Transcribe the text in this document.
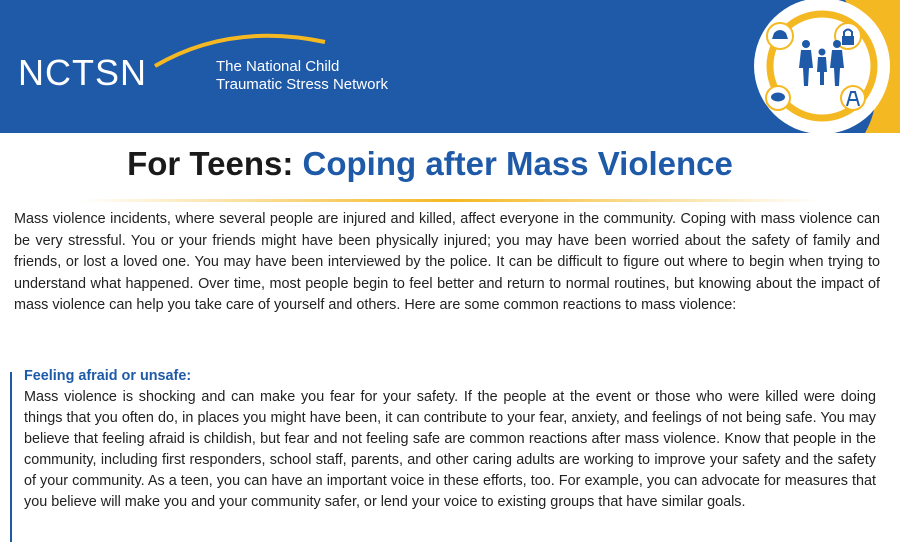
NCTSN	The National Child
Traumatic Stress Network
For Teens: Coping after Mass Violence
Mass violence incidents, where several people are injured and killed, affect everyone in the community. Coping with mass violence can be very stressful. You or your friends might have been physically injured; you may have been worried about the safety of family and friends, or lost a loved one. You may have been interviewed by the police. It can be difficult to figure out where to begin when trying to understand what happened. Over time, most people begin to feel better and return to normal routines, but knowing about the impact of mass violence can help you take care of yourself and others. Here are some common reactions to mass violence:
Feeling afraid or unsafe:

Mass violence is shocking and can make you fear for your safety. If the people at the event or those who were killed were doing things that you often do, in places you might have been, it can contribute to your fear, anxiety, and feelings of not being safe. You may believe that feeling afraid is childish, but fear and not feeling safe are common reactions after mass violence. Know that people in the community, including first responders, school staff, parents, and other caring adults are working to improve your safety and the safety of your community. As a teen, you can have an important voice in these efforts, too. For example, you can advocate for measures that you believe will make you and your community safer, or lend your voice to existing groups that have similar goals.
